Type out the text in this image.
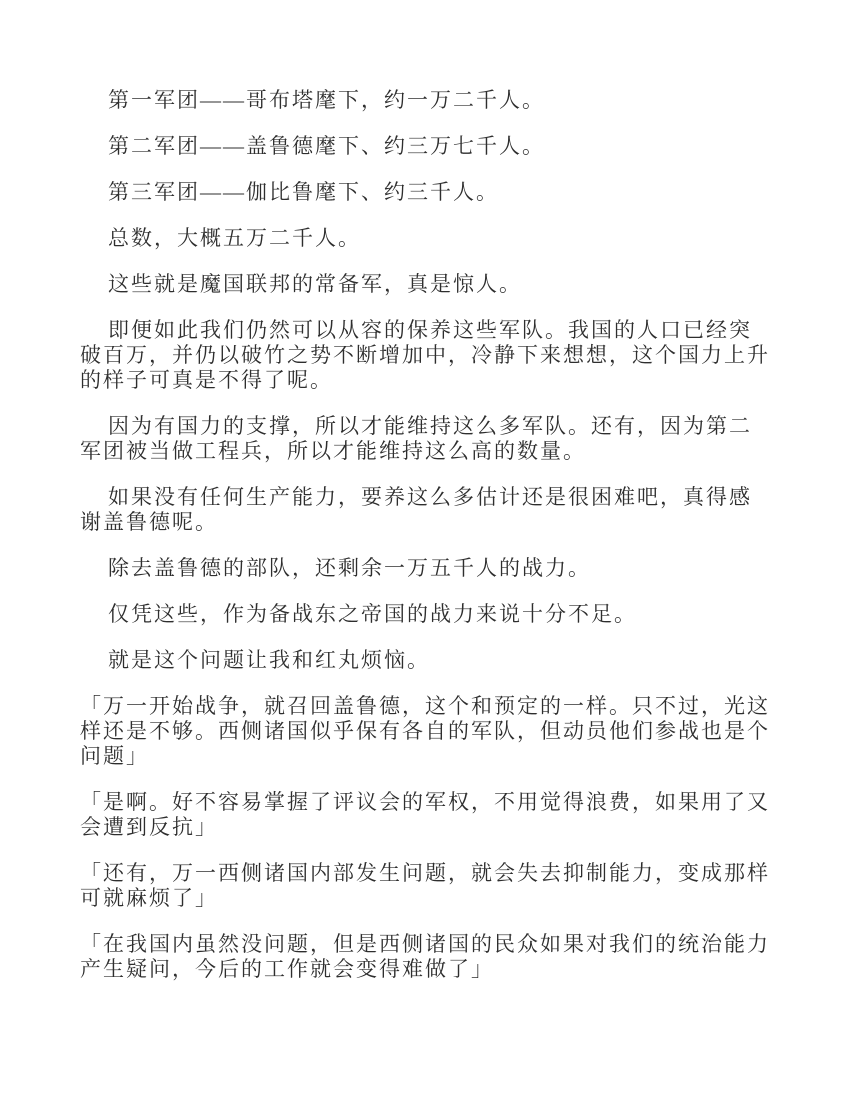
第一军团——哥布塔麾下，约一万二千人。

第二军团——盖鲁德麾下、约三万七千人。

第三军团——伽比鲁麾下、约三千人。

总数，大概五万二千人。

这些就是魔国联邦的常备军，真是惊人。

即便如此我们仍然可以从容的保养这些军队。我国的人口已经突破百万，并仍以破竹之势不断增加中，冷静下来想想，这个国力上升的样子可真是不得了呢。

因为有国力的支撑，所以才能维持这么多军队。还有，因为第二军团被当做工程兵，所以才能维持这么高的数量。

如果没有任何生产能力，要养这么多估计还是很困难吧，真得感谢盖鲁德呢。

除去盖鲁德的部队，还剩余一万五千人的战力。

仅凭这些，作为备战东之帝国的战力来说十分不足。

就是这个问题让我和红丸烦恼。

「万一开始战争，就召回盖鲁德，这个和预定的一样。只不过，光这样还是不够。西侧诸国似乎保有各自的军队，但动员他们参战也是个问题」

「是啊。好不容易掌握了评议会的军权，不用觉得浪费，如果用了又会遭到反抗」

「还有，万一西侧诸国内部发生问题，就会失去抑制能力，变成那样可就麻烦了」

「在我国内虽然没问题，但是西侧诸国的民众如果对我们的统治能力产生疑问，今后的工作就会变得难做了」
